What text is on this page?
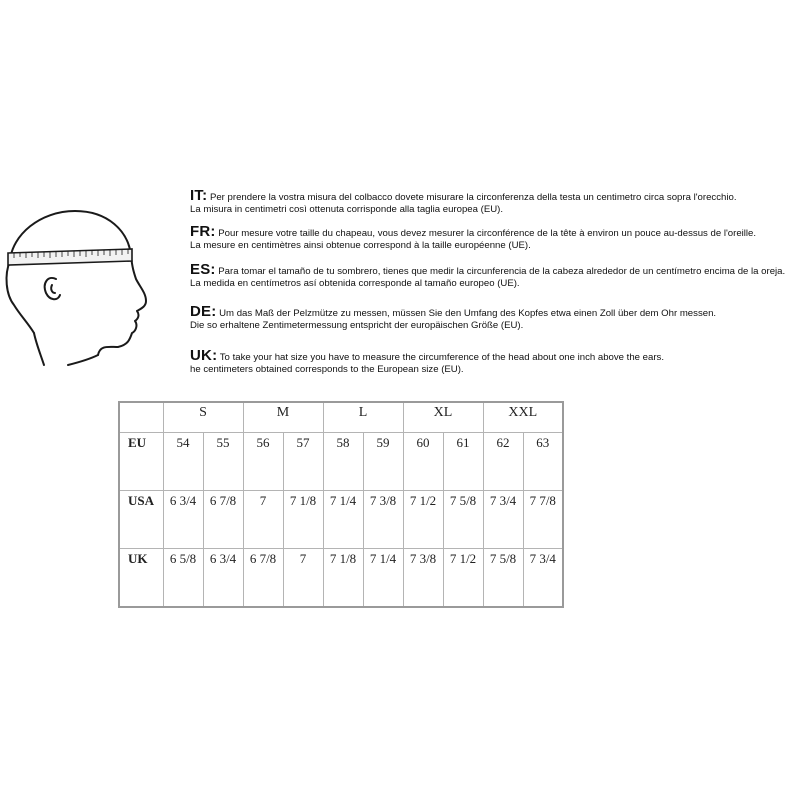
IT: Per prendere la vostra misura del colbacco dovete misurare la circonferenza della testa un centimetro circa sopra l'orecchio.
La misura in centimetri così ottenuta corrisponde alla taglia europea (EU).
FR: Pour mesure votre taille du chapeau, vous devez mesurer la circonférence de la tête à environ un pouce au-dessus de l'oreille.
La mesure en centimètres ainsi obtenue correspond à la taille européenne (UE).
ES: Para tomar el tamaño de tu sombrero, tienes que medir la circunferencia de la cabeza alrededor de un centímetro encima de la oreja.
La medida en centímetros así obtenida corresponde al tamaño europeo (UE).
DE: Um das Maß der Pelzmütze zu messen, müssen Sie den Umfang des Kopfes etwa einen Zoll über dem Ohr messen.
Die so erhaltene Zentimetermessung entspricht der europäischen Größe (EU).
UK: To take your hat size you have to measure the circumference of the head about one inch above the ears.
he centimeters obtained corresponds to the European size (EU).
	S		M		L		XL		XXL	
EU	54	55	56	57	58	59	60	61	62	63
USA	6 3/4	6 7/8	7	7 1/8	7 1/4	7 3/8	7 1/2	7 5/8	7 3/4	7 7/8
UK	6 5/8	6 3/4	6 7/8	7	7 1/8	7 1/4	7 3/8	7 1/2	7 5/8	7 3/4
